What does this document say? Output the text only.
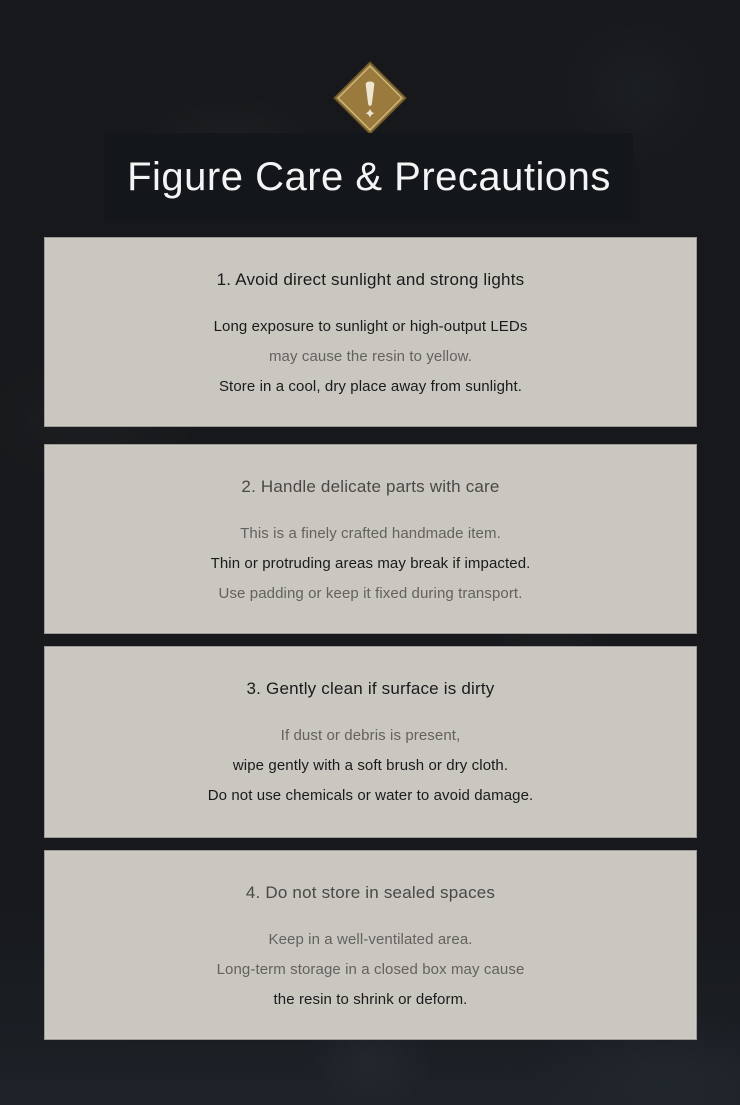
Figure Care & Precautions
1. Avoid direct sunlight and strong lights

Long exposure to sunlight or high-output LEDs

may cause the resin to yellow.

Store in a cool, dry place away from sunlight.

2. Handle delicate parts with care

This is a finely crafted handmade item.

Thin or protruding areas may break if impacted.

Use padding or keep it fixed during transport.

3. Gently clean if surface is dirty

If dust or debris is present,

wipe gently with a soft brush or dry cloth.

Do not use chemicals or water to avoid damage.

4. Do not store in sealed spaces

Keep in a well-ventilated area.

Long-term storage in a closed box may cause

the resin to shrink or deform.
